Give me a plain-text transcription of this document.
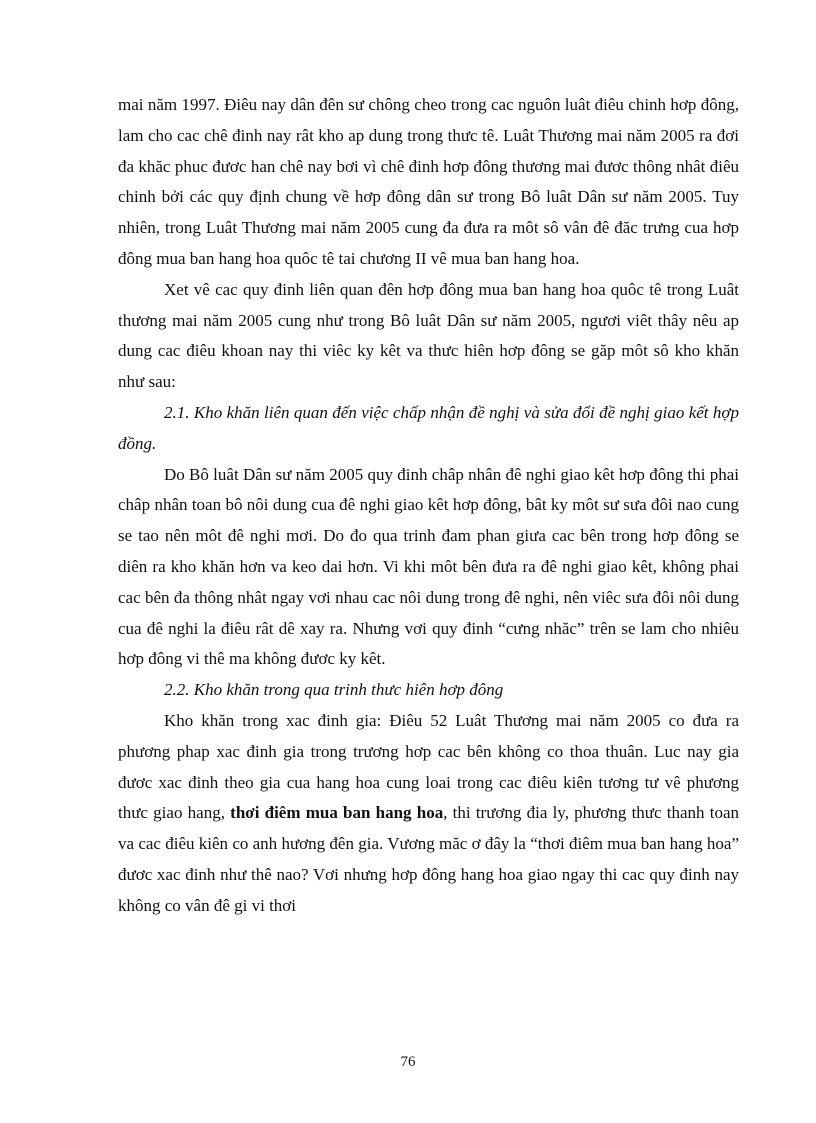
mai năm 1997. Điêu nay dân đên sư chông cheo trong cac nguôn luât điêu chinh hơp đông, lam cho cac chê đinh nay rât kho ap dung trong thưc tê. Luât Thương mai năm 2005 ra đơi đa khăc phuc đươc han chê nay bơi vì chê đinh hơp đông thương mai đươc thông nhât điêu chinh bởi các quy định chung về hơp đông dân sư trong Bô luât Dân sư năm 2005. Tuy nhiên, trong Luât Thương mai năm 2005 cung đa đưa ra môt sô vân đê đăc trưng cua hơp đông mua ban hang hoa quôc tê tai chương II vê mua ban hang hoa.

Xet vê cac quy đinh liên quan đên hơp đông mua ban hang hoa quôc tê trong Luât thương mai năm 2005 cung như trong Bô luât Dân sư năm 2005, ngươi viêt thây nêu ap dung cac điêu khoan nay thi viêc ky kêt va thưc hiên hơp đông se găp môt sô kho khăn như sau:

2.1. Kho khăn liên quan đến việc chấp nhận đề nghị và sửa đổi đề nghị giao kết hợp đồng.

Do Bô luât Dân sư năm 2005 quy đinh châp nhân đê nghi giao kêt hơp đông thi phai châp nhân toan bô nôi dung cua đê nghi giao kêt hơp đông, bât ky môt sư sưa đôi nao cung se tao nên môt đê nghi mơi. Do đo qua trinh đam phan giưa cac bên trong hơp đông se diên ra kho khăn hơn va keo dai hơn. Vi khi môt bên đưa ra đê nghi giao kêt, không phai cac bên đa thông nhât ngay vơi nhau cac nôi dung trong đê nghi, nên viêc sưa đôi nôi dung cua đê nghi la điêu rât dê xay ra. Nhưng vơi quy đinh “cưng nhăc” trên se lam cho nhiêu hơp đông vi thê ma không đươc ky kêt.

2.2. Kho khăn trong qua trinh thưc hiên hơp đông

Kho khăn trong xac đinh gia: Điêu 52 Luât Thương mai năm 2005 co đưa ra phương phap xac đinh gia trong trương hơp cac bên không co thoa thuân. Luc nay gia đươc xac đinh theo gia cua hang hoa cung loai trong cac điêu kiên tương tư vê phương thưc giao hang, thơi điêm mua ban hang hoa, thi trương đia ly, phương thưc thanh toan va cac điêu kiên co anh hương đên gia. Vương măc ơ đây la “thơi điêm mua ban hang hoa” đươc xac đinh như thê nao? Vơi nhưng hơp đông hang hoa giao ngay thi cac quy đinh nay không co vân đê gi vi thơi

76
